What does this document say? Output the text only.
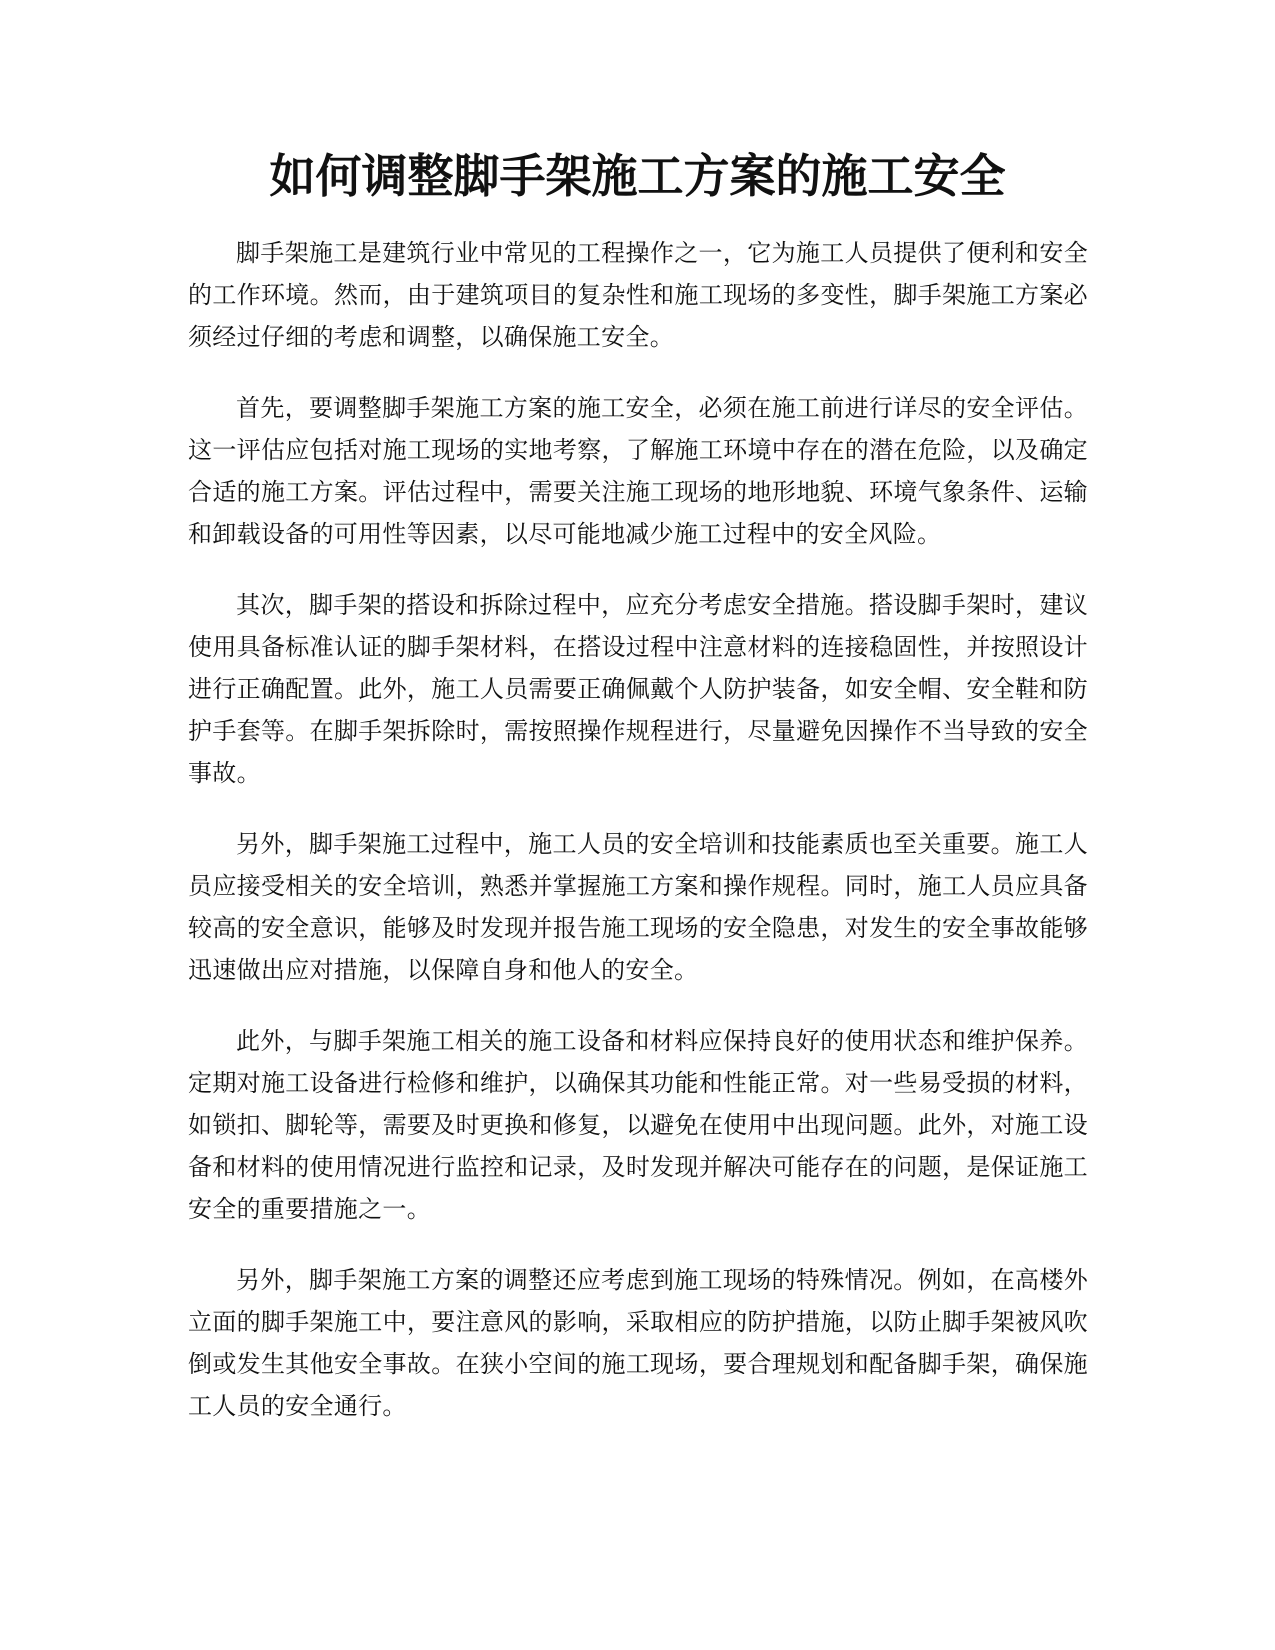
如何调整脚手架施工方案的施工安全

脚手架施工是建筑行业中常见的工程操作之一，它为施工人员提供了便利和安全的工作环境。然而，由于建筑项目的复杂性和施工现场的多变性，脚手架施工方案必须经过仔细的考虑和调整，以确保施工安全。

首先，要调整脚手架施工方案的施工安全，必须在施工前进行详尽的安全评估。这一评估应包括对施工现场的实地考察，了解施工环境中存在的潜在危险，以及确定合适的施工方案。评估过程中，需要关注施工现场的地形地貌、环境气象条件、运输和卸载设备的可用性等因素，以尽可能地减少施工过程中的安全风险。

其次，脚手架的搭设和拆除过程中，应充分考虑安全措施。搭设脚手架时，建议使用具备标准认证的脚手架材料，在搭设过程中注意材料的连接稳固性，并按照设计进行正确配置。此外，施工人员需要正确佩戴个人防护装备，如安全帽、安全鞋和防护手套等。在脚手架拆除时，需按照操作规程进行，尽量避免因操作不当导致的安全事故。

另外，脚手架施工过程中，施工人员的安全培训和技能素质也至关重要。施工人员应接受相关的安全培训，熟悉并掌握施工方案和操作规程。同时，施工人员应具备较高的安全意识，能够及时发现并报告施工现场的安全隐患，对发生的安全事故能够迅速做出应对措施，以保障自身和他人的安全。

此外，与脚手架施工相关的施工设备和材料应保持良好的使用状态和维护保养。定期对施工设备进行检修和维护，以确保其功能和性能正常。对一些易受损的材料，如锁扣、脚轮等，需要及时更换和修复，以避免在使用中出现问题。此外，对施工设备和材料的使用情况进行监控和记录，及时发现并解决可能存在的问题，是保证施工安全的重要措施之一。

另外，脚手架施工方案的调整还应考虑到施工现场的特殊情况。例如，在高楼外立面的脚手架施工中，要注意风的影响，采取相应的防护措施，以防止脚手架被风吹倒或发生其他安全事故。在狭小空间的施工现场，要合理规划和配备脚手架，确保施工人员的安全通行。
